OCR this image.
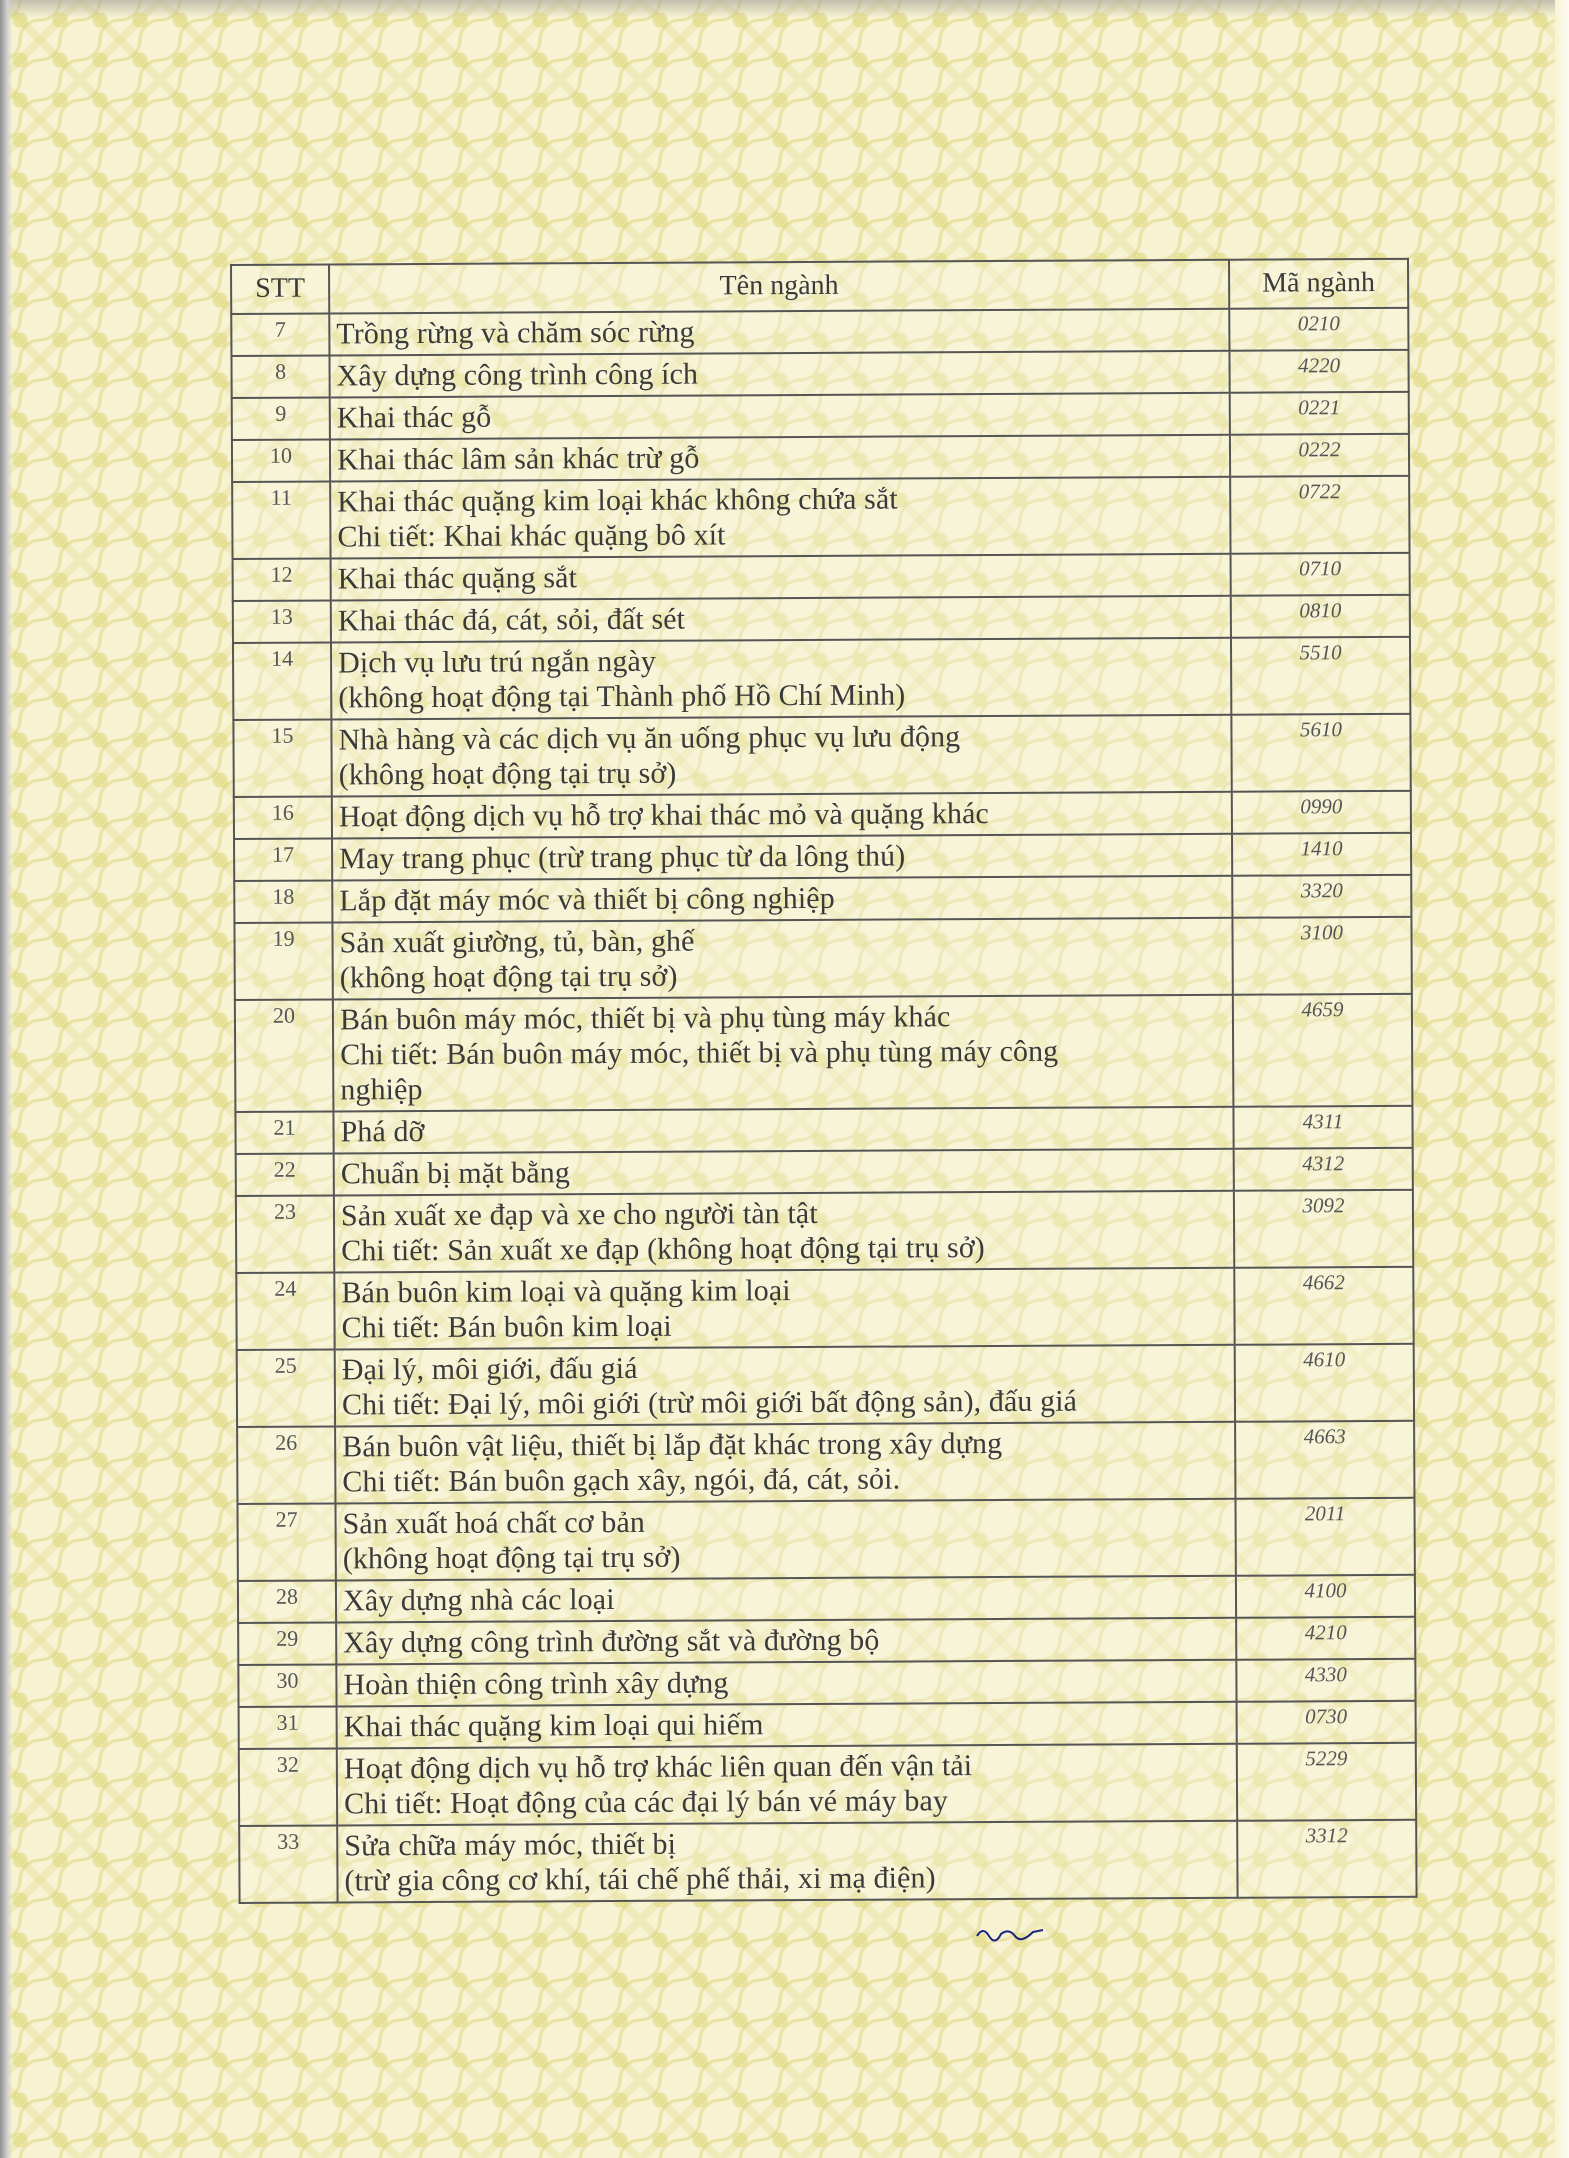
STT	Tên ngành	Mã ngành
7	Trồng rừng và chăm sóc rừng	0210
8	Xây dựng công trình công ích	4220
9	Khai thác gỗ	0221
10	Khai thác lâm sản khác trừ gỗ	0222
11	Khai thác quặng kim loại khác không chứa sắt
Chi tiết: Khai khác quặng bô xít	0722
12	Khai thác quặng sắt	0710
13	Khai thác đá, cát, sỏi, đất sét	0810
14	Dịch vụ lưu trú ngắn ngày
(không hoạt động tại Thành phố Hồ Chí Minh)	5510
15	Nhà hàng và các dịch vụ ăn uống phục vụ lưu động
(không hoạt động tại trụ sở)	5610
16	Hoạt động dịch vụ hỗ trợ khai thác mỏ và quặng khác	0990
17	May trang phục (trừ trang phục từ da lông thú)	1410
18	Lắp đặt máy móc và thiết bị công nghiệp	3320
19	Sản xuất giường, tủ, bàn, ghế
(không hoạt động tại trụ sở)	3100
20	Bán buôn máy móc, thiết bị và phụ tùng máy khác
Chi tiết: Bán buôn máy móc, thiết bị và phụ tùng máy công
nghiệp	4659
21	Phá dỡ	4311
22	Chuẩn bị mặt bằng	4312
23	Sản xuất xe đạp và xe cho người tàn tật
Chi tiết: Sản xuất xe đạp (không hoạt động tại trụ sở)	3092
24	Bán buôn kim loại và quặng kim loại
Chi tiết: Bán buôn kim loại	4662
25	Đại lý, môi giới, đấu giá
Chi tiết: Đại lý, môi giới (trừ môi giới bất động sản), đấu giá	4610
26	Bán buôn vật liệu, thiết bị lắp đặt khác trong xây dựng
Chi tiết: Bán buôn gạch xây, ngói, đá, cát, sỏi.	4663
27	Sản xuất hoá chất cơ bản
(không hoạt động tại trụ sở)	2011
28	Xây dựng nhà các loại	4100
29	Xây dựng công trình đường sắt và đường bộ	4210
30	Hoàn thiện công trình xây dựng	4330
31	Khai thác quặng kim loại qui hiếm	0730
32	Hoạt động dịch vụ hỗ trợ khác liên quan đến vận tải
Chi tiết: Hoạt động của các đại lý bán vé máy bay	5229
33	Sửa chữa máy móc, thiết bị
(trừ gia công cơ khí, tái chế phế thải, xi mạ điện)	3312
